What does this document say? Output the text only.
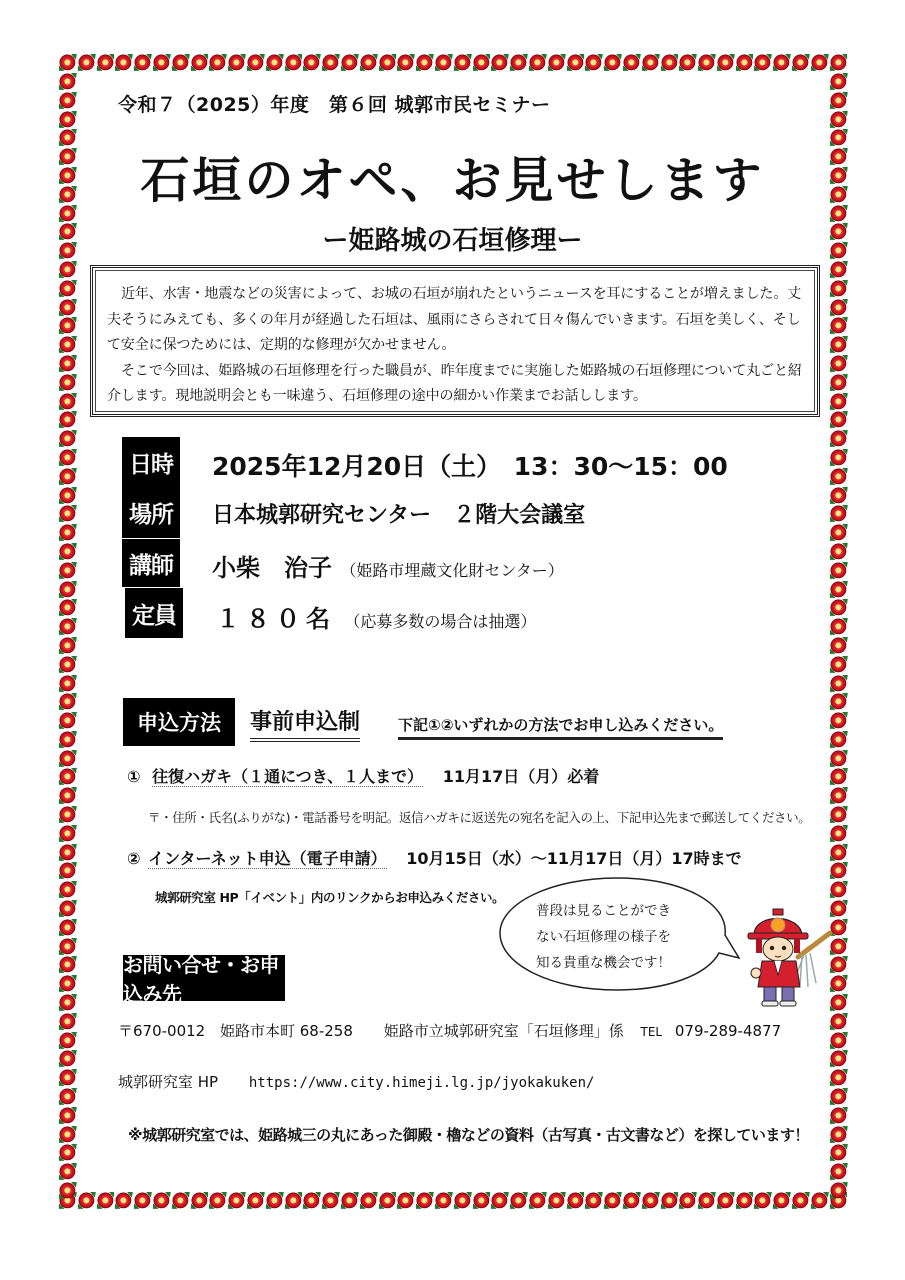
令和７（2025）年度　第６回 城郭市民セミナー
石垣のオペ、お見せします
ー姫路城の石垣修理ー

近年、水害・地震などの災害によって、お城の石垣が崩れたというニュースを耳にすることが増えました。丈夫そうにみえても、多くの年月が経過した石垣は、風雨にさらされて日々傷んでいきます。石垣を美しく、そして安全に保つためには、定期的な修理が欠かせません。

そこで今回は、姫路城の石垣修理を行った職員が、昨年度までに実施した姫路城の石垣修理について丸ごと紹介します。現地説明会とも一味違う、石垣修理の途中の細かい作業までお話しします。

日時 2025年12月20日（土）　13：30～15：00
場所	日本城郭研究センター　２階大会議室
講師 小柴　治子 （姫路市埋蔵文化財センター）
定員 １８０名 （応募多数の場合は抽選）
申込方法	事前申込制	下記①②いずれかの方法でお申し込みください。
① 往復ハガキ（１通につき、１人まで） 11月17日（月）必着
〒・住所・氏名(ふりがな)・電話番号を明記。返信ハガキに返送先の宛名を記入の上、下記申込先まで郵送してください。
② インターネット申込（電子申請） 10月15日（水）～11月17日（月）17時まで
城郭研究室 HP「イベント」内のリンクからお申込みください。
普段は見ることができ
ない石垣修理の様子を
知る貴重な機会です！
お問い合せ・お申込み先
〒670-0012 姫路市本町 68-258 姫路市立城郭研究室「石垣修理」係 TEL 079-289-4877
城郭研究室 HP https://www.city.himeji.lg.jp/jyokakuken/
※城郭研究室では、姫路城三の丸にあった御殿・櫓などの資料（古写真・古文書など）を探しています！
